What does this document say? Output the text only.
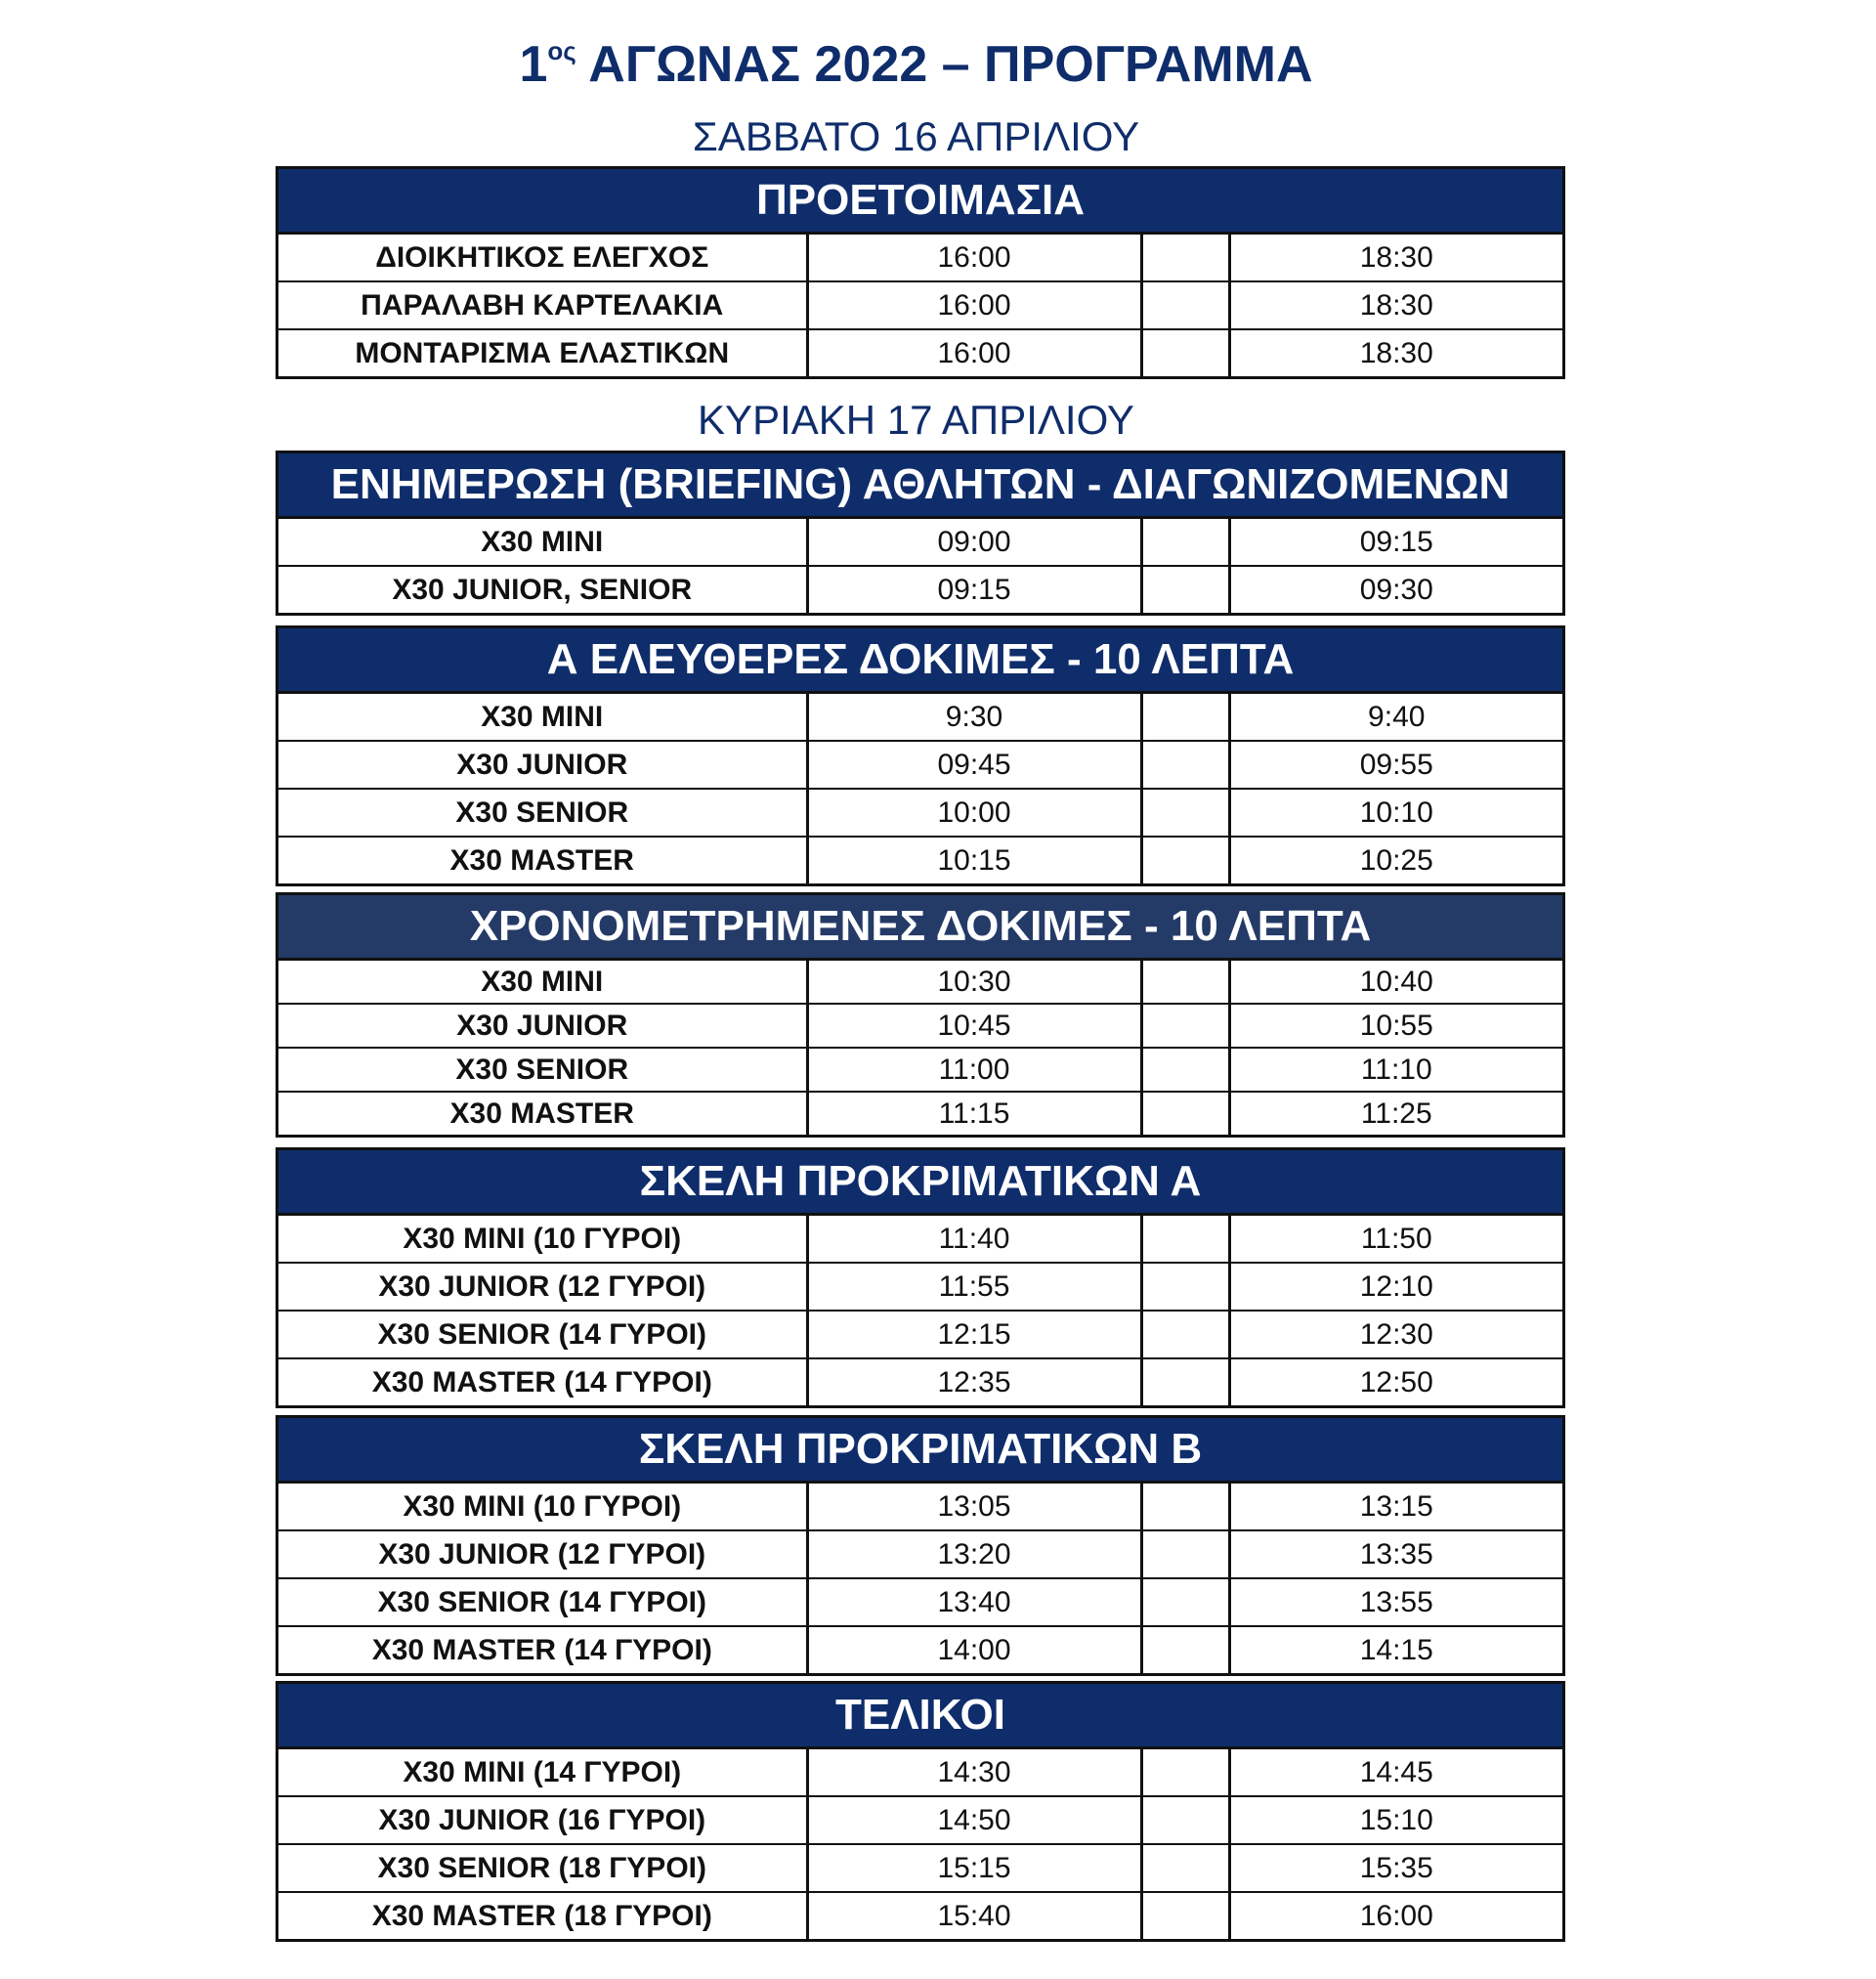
$1^{o\varsigma}$ ΑΓΩΝΑΣ 2022 – ΠΡΟΓΡΑΜΜΑ
ΣΑΒΒΑΤΟ 16 ΑΠΡΙΛΙΟΥ
ΠΡΟΕΤΟΙΜΑΣΙΑ
ΔΙΟΙΚΗΤΙΚΟΣ ΕΛΕΓΧΟΣ	16:00		18:30
ΠΑΡΑΛΑΒΗ ΚΑΡΤΕΛΑΚΙΑ	16:00		18:30
ΜΟΝΤΑΡΙΣΜΑ ΕΛΑΣΤΙΚΩΝ	16:00		18:30
ΚΥΡΙΑΚΗ 17 ΑΠΡΙΛΙΟΥ
ΕΝΗΜΕΡΩΣΗ (BRIEFING) ΑΘΛΗΤΩΝ - ΔΙΑΓΩΝΙΖΟΜΕΝΩΝ
X30 MINI	09:00		09:15
X30 JUNIOR, SENIOR	09:15		09:30
Α ΕΛΕΥΘΕΡΕΣ ΔΟΚΙΜΕΣ - 10 ΛΕΠΤΑ
X30 MINI	9:30		9:40
X30 JUNIOR	09:45		09:55
X30 SENIOR	10:00		10:10
X30 MASTER	10:15		10:25
ΧΡΟΝΟΜΕΤΡΗΜΕΝΕΣ ΔΟΚΙΜΕΣ - 10 ΛΕΠΤΑ
X30 MINI	10:30		10:40
X30 JUNIOR	10:45		10:55
X30 SENIOR	11:00		11:10
X30 MASTER	11:15		11:25
ΣΚΕΛΗ ΠΡΟΚΡΙΜΑΤΙΚΩΝ Α
X30 MINI (10 ΓΥΡΟΙ)	11:40		11:50
X30 JUNIOR (12 ΓΥΡΟΙ)	11:55		12:10
X30 SENIOR (14 ΓΥΡΟΙ)	12:15		12:30
X30 MASTER (14 ΓΥΡΟΙ)	12:35		12:50
ΣΚΕΛΗ ΠΡΟΚΡΙΜΑΤΙΚΩΝ Β
X30 MINI (10 ΓΥΡΟΙ)	13:05		13:15
X30 JUNIOR (12 ΓΥΡΟΙ)	13:20		13:35
X30 SENIOR (14 ΓΥΡΟΙ)	13:40		13:55
X30 MASTER (14 ΓΥΡΟΙ)	14:00		14:15
ΤΕΛΙΚΟΙ
X30 MINI (14 ΓΥΡΟΙ)	14:30		14:45
X30 JUNIOR (16 ΓΥΡΟΙ)	14:50		15:10
X30 SENIOR (18 ΓΥΡΟΙ)	15:15		15:35
X30 MASTER (18 ΓΥΡΟΙ)	15:40		16:00
